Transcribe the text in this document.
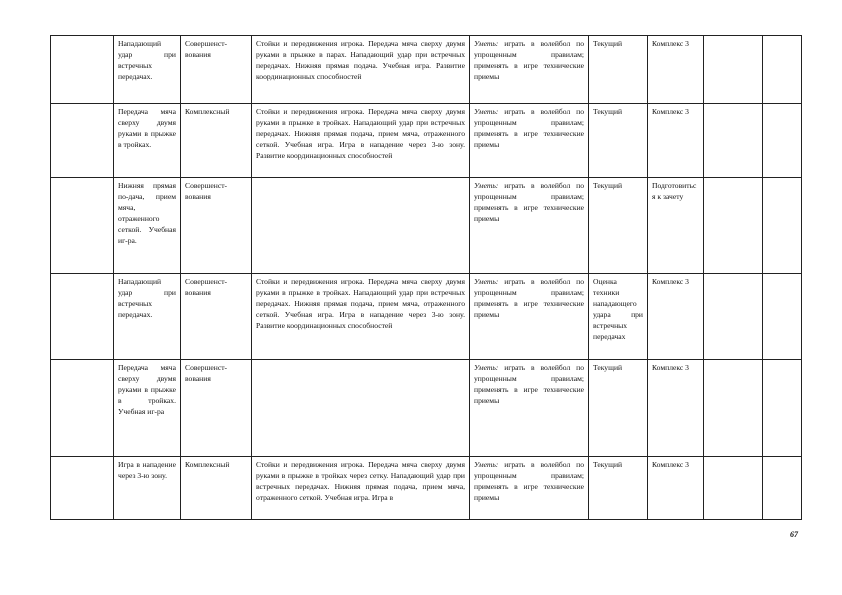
	Нападающий удар при встречных передачах.	Совершенст-вования	Стойки и передвижения игрока. Передача мяча сверху двумя руками в прыжке в парах. Нападающий удар при встречных передачах. Нижняя прямая подача. Учебная игра. Развитие координационных способностей	Уметь: играть в волейбол по упрощенным правилам; применять в игре технические приемы	Текущий	Комплекс 3		
	Передача мяча сверху двумя руками в прыжке в тройках.	Комплексный	Стойки и передвижения игрока. Передача мяча сверху двумя руками в прыжке в тройках. Нападающий удар при встречных передачах. Нижняя прямая подача, прием мяча, отраженного сеткой. Учебная игра. Игра в нападение через 3-ю зону. Развитие координационных способностей	Уметь: играть в волейбол по упрощенным правилам; применять в игре технические приемы	Текущий	Комплекс 3		
	Нижняя прямая по-дача, прием мяча, отраженного сеткой. Учебная иг-ра.	Совершенст-вования		Уметь: играть в волейбол по упрощенным правилам; применять в игре технические приемы	Текущий	Подготовиться к зачету		
	Нападающий удар при встречных передачах.	Совершенст-вования	Стойки и передвижения игрока. Передача мяча сверху двумя руками в прыжке в тройках. Нападающий удар при встречных передачах. Нижняя прямая подача, прием мяча, отраженного сеткой. Учебная игра. Игра в нападение через 3-ю зону. Развитие координационных способностей	Уметь: играть в волейбол по упрощенным правилам; применять в игре технические приемы	Оценка техники нападающего удара при встречных передачах	Комплекс 3		
	Передача мяча сверху двумя руками в прыжке в тройках. Учебная иг-ра	Совершенст-вования		Уметь: играть в волейбол по упрощенным правилам; применять в игре технические приемы	Текущий	Комплекс 3		
	Игра в нападение через 3-ю зону.	Комплексный	Стойки и передвижения игрока. Передача мяча сверху двумя руками в прыжке в тройках через сетку. Нападающий удар при встречных передачах. Нижняя прямая подача, прием мяча, отраженного сеткой. Учебная игра. Игра в	Уметь: играть в волейбол по упрощенным правилам; применять в игре технические приемы	Текущий	Комплекс 3		
67
